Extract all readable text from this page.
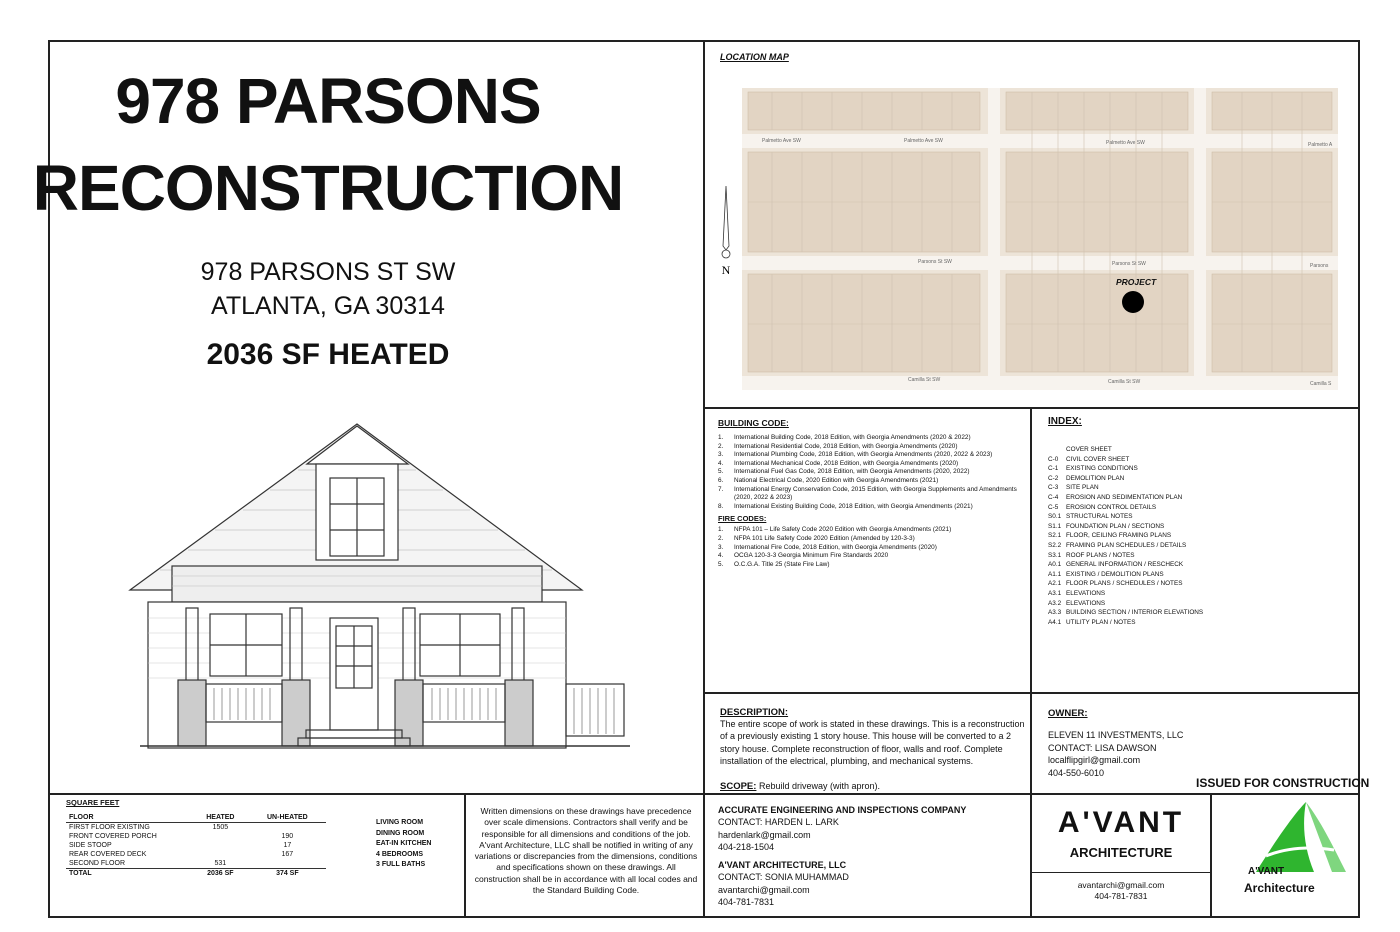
978 PARSONS
RECONSTRUCTION
978 PARSONS ST SW
ATLANTA, GA 30314
2036 SF HEATED
LOCATION MAP
N
PROJECT
Palmetto Ave SW	Palmetto Ave SW	Palmetto Ave SW	Palmetto A
Parsons St SW	Parsons St SW	Parsons
Camilla St SW	Camilla St SW	Camilla S
BUILDING CODE:
1.	International Building Code, 2018 Edition, with Georgia Amendments (2020 & 2022)
2.	International Residential Code, 2018 Edition, with Georgia Amendments (2020)
3.	International Plumbing Code, 2018 Edition, with Georgia Amendments (2020, 2022 & 2023)
4.	International Mechanical Code, 2018 Edition, with Georgia Amendments (2020)
5.	International Fuel Gas Code, 2018 Edition, with Georgia Amendments (2020, 2022)
6.	National Electrical Code, 2020 Edition with Georgia Amendments (2021)
7.	International Energy Conservation Code, 2015 Edition, with Georgia Supplements and Amendments (2020, 2022 & 2023)
8.	International Existing Building Code, 2018 Edition, with Georgia Amendments (2021)
FIRE CODES:
1.	NFPA 101 – Life Safety Code 2020 Edition with Georgia Amendments (2021)
2.	NFPA 101 Life Safety Code 2020 Edition (Amended by 120-3-3)
3.	International Fire Code, 2018 Edition, with Georgia Amendments (2020)
4.	OCGA 120-3-3 Georgia Minimum Fire Standards 2020
5.	O.C.G.A. Title 25 (State Fire Law)
INDEX:
COVER SHEET
C-0	CIVIL COVER SHEET
C-1	EXISTING CONDITIONS
C-2	DEMOLITION PLAN
C-3	SITE PLAN
C-4	EROSION AND SEDIMENTATION PLAN
C-5	EROSION CONTROL DETAILS
S0.1 STRUCTURAL NOTES
S1.1 FOUNDATION PLAN / SECTIONS
S2.1 FLOOR, CEILING FRAMING PLANS
S2.2 FRAMING PLAN SCHEDULES / DETAILS
S3.1 ROOF PLANS / NOTES
A0.1 GENERAL INFORMATION / RESCHECK
A1.1 EXISTING / DEMOLITION PLANS
A2.1 FLOOR PLANS / SCHEDULES / NOTES
A3.1 ELEVATIONS
A3.2 ELEVATIONS
A3.3 BUILDING SECTION / INTERIOR ELEVATIONS
A4.1 UTILITY PLAN / NOTES
DESCRIPTION:
The entire scope of work is stated in these drawings. This is a reconstruction of a previously existing 1 story house. This house will be converted to a 2 story house. Complete reconstruction of floor, walls and roof. Complete installation of the electrical, plumbing, and mechanical systems.
SCOPE: Rebuild driveway (with apron).
OWNER:
ELEVEN 11 INVESTMENTS, LLC
CONTACT: LISA DAWSON
localflipgirl@gmail.com
404-550-6010
ISSUED FOR CONSTRUCTION
SQUARE FEET
FLOOR	HEATED	UN-HEATED
FIRST FLOOR EXISTING	1505	
FRONT COVERED PORCH		190
SIDE STOOP		17
REAR COVERED DECK		167
SECOND FLOOR	531	
TOTAL	2036 SF	374 SF
LIVING ROOM
DINING ROOM
EAT-IN KITCHEN
4 BEDROOMS
3 FULL BATHS
Written dimensions on these drawings have precedence over scale dimensions. Contractors shall verify and be responsible for all dimensions and conditions of the job. A'vant Architecture, LLC shall be notified in writing of any variations or discrepancies from the dimensions, conditions and specifications shown on these drawings. All construction shall be in accordance with all local codes and the Standard Building Code.
ACCURATE ENGINEERING AND INSPECTIONS COMPANY
CONTACT: HARDEN L. LARK
hardenlark@gmail.com
404-218-1504
A'VANT ARCHITECTURE, LLC
CONTACT: SONIA MUHAMMAD
avantarchi@gmail.com
404-781-7831
A'VANT
ARCHITECTURE
avantarchi@gmail.com
404-781-7831
A'VANT
Architecture
